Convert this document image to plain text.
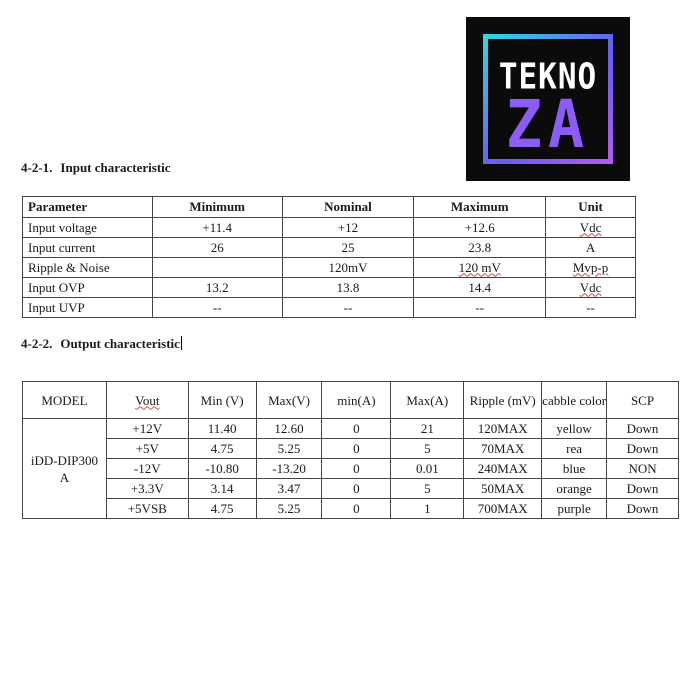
TEKNO
ZA
4-2-1. Input characteristic
Parameter	Minimum	Nominal	Maximum	Unit
Input voltage	+11.4	+12	+12.6	Vdc
Input current	26	25	23.8	A
Ripple & Noise		120mV	120 mV	Mvp-p
Input OVP	13.2	13.8	14.4	Vdc
Input UVP	--	--	--	--
4-2-2. Output characteristic
MODEL	Vout	Min (V)	Max(V)	min(A)	Max(A)	Ripple (mV)	cabble color	SCP
iDD-DIP300A	+12V	11.40	12.60	0	21	120MAX	yellow	Down
	+5V	4.75	5.25	0	5	70MAX	rea	Down
	-12V	-10.80	-13.20	0	0.01	240MAX	blue	NON
	+3.3V	3.14	3.47	0	5	50MAX	orange	Down
	+5VSB	4.75	5.25	0	1	700MAX	purple	Down
